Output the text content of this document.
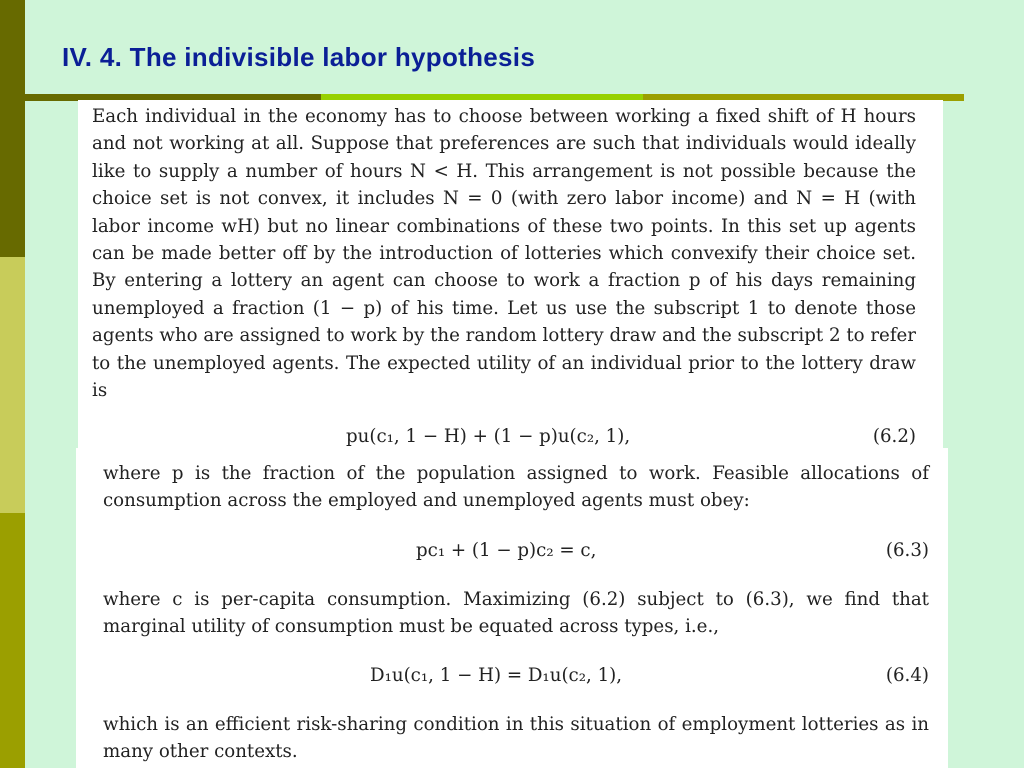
IV. 4. The indivisible labor hypothesis

Each individual in the economy has to choose between working a fixed shift of H hours and not working at all. Suppose that preferences are such that individuals would ideally like to supply a number of hours N < H. This arrangement is not possible because the choice set is not convex, it includes N = 0 (with zero labor income) and N = H (with labor income wH) but no linear combinations of these two points. In this set up agents can be made better off by the introduction of lotteries which convexify their choice set. By entering a lottery an agent can choose to work a fraction p of his days remaining unemployed a fraction (1 − p) of his time. Let us use the subscript 1 to denote those agents who are assigned to work by the random lottery draw and the subscript 2 to refer to the unemployed agents. The expected utility of an individual prior to the lottery draw is

pu(c₁, 1 − H) + (1 − p)u(c₂, 1),	(6.2)

where p is the fraction of the population assigned to work. Feasible allocations of consumption across the employed and unemployed agents must obey:

pc₁ + (1 − p)c₂ = c,	(6.3)

where c is per-capita consumption. Maximizing (6.2) subject to (6.3), we find that marginal utility of consumption must be equated across types, i.e.,

D₁u(c₁, 1 − H) = D₁u(c₂, 1),	(6.4)

which is an efficient risk-sharing condition in this situation of employment lotteries as in many other contexts.
